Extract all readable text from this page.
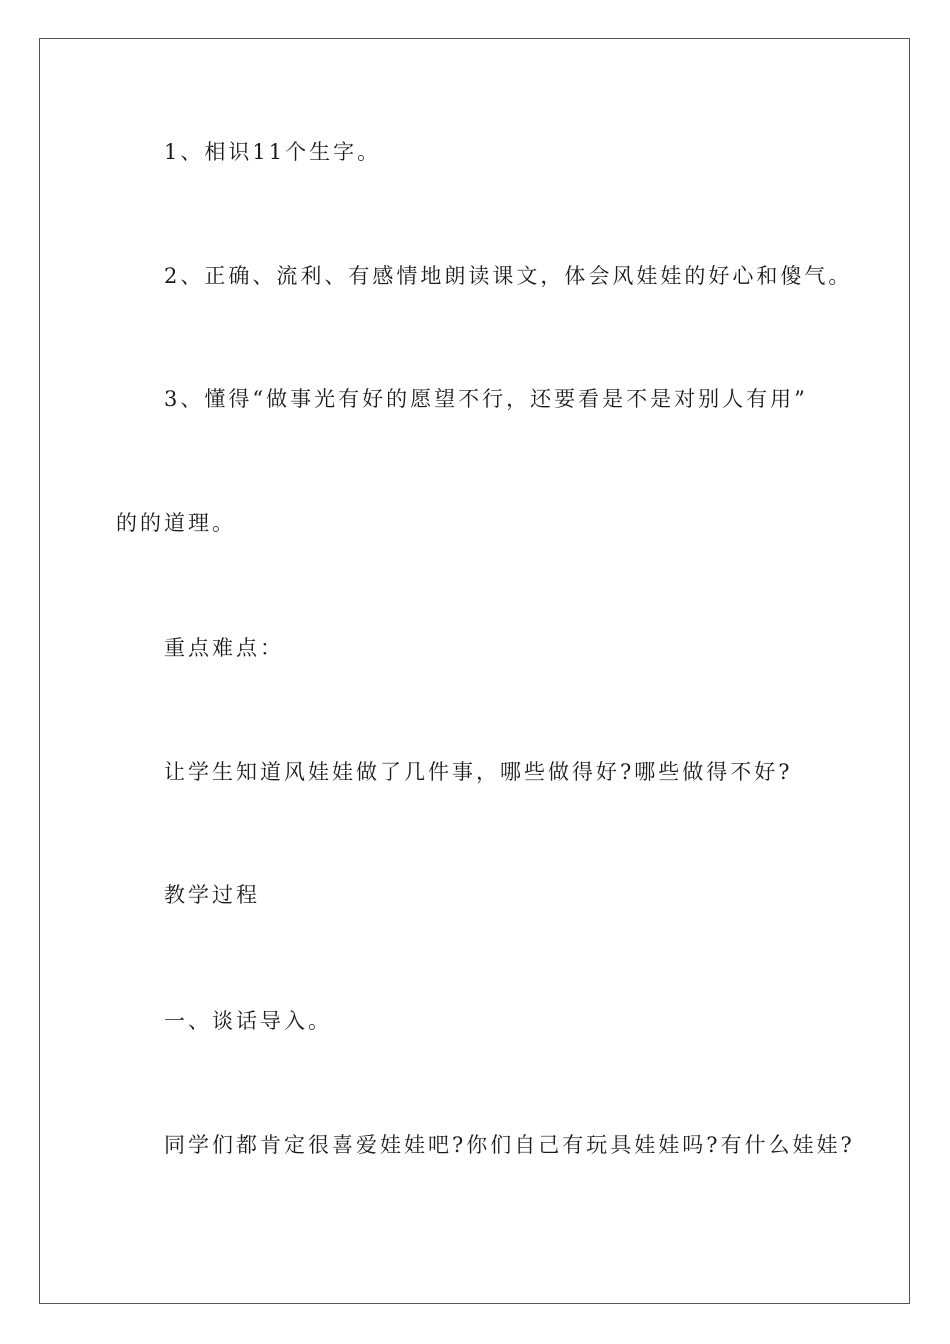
1、相识11个生字。
2、正确、流利、有感情地朗读课文，体会风娃娃的好心和傻气。
3、懂得“做事光有好的愿望不行，还要看是不是对别人有用”
的的道理。
重点难点：
让学生知道风娃娃做了几件事，哪些做得好?哪些做得不好?
教学过程
一、谈话导入。
同学们都肯定很喜爱娃娃吧?你们自己有玩具娃娃吗?有什么娃娃?
